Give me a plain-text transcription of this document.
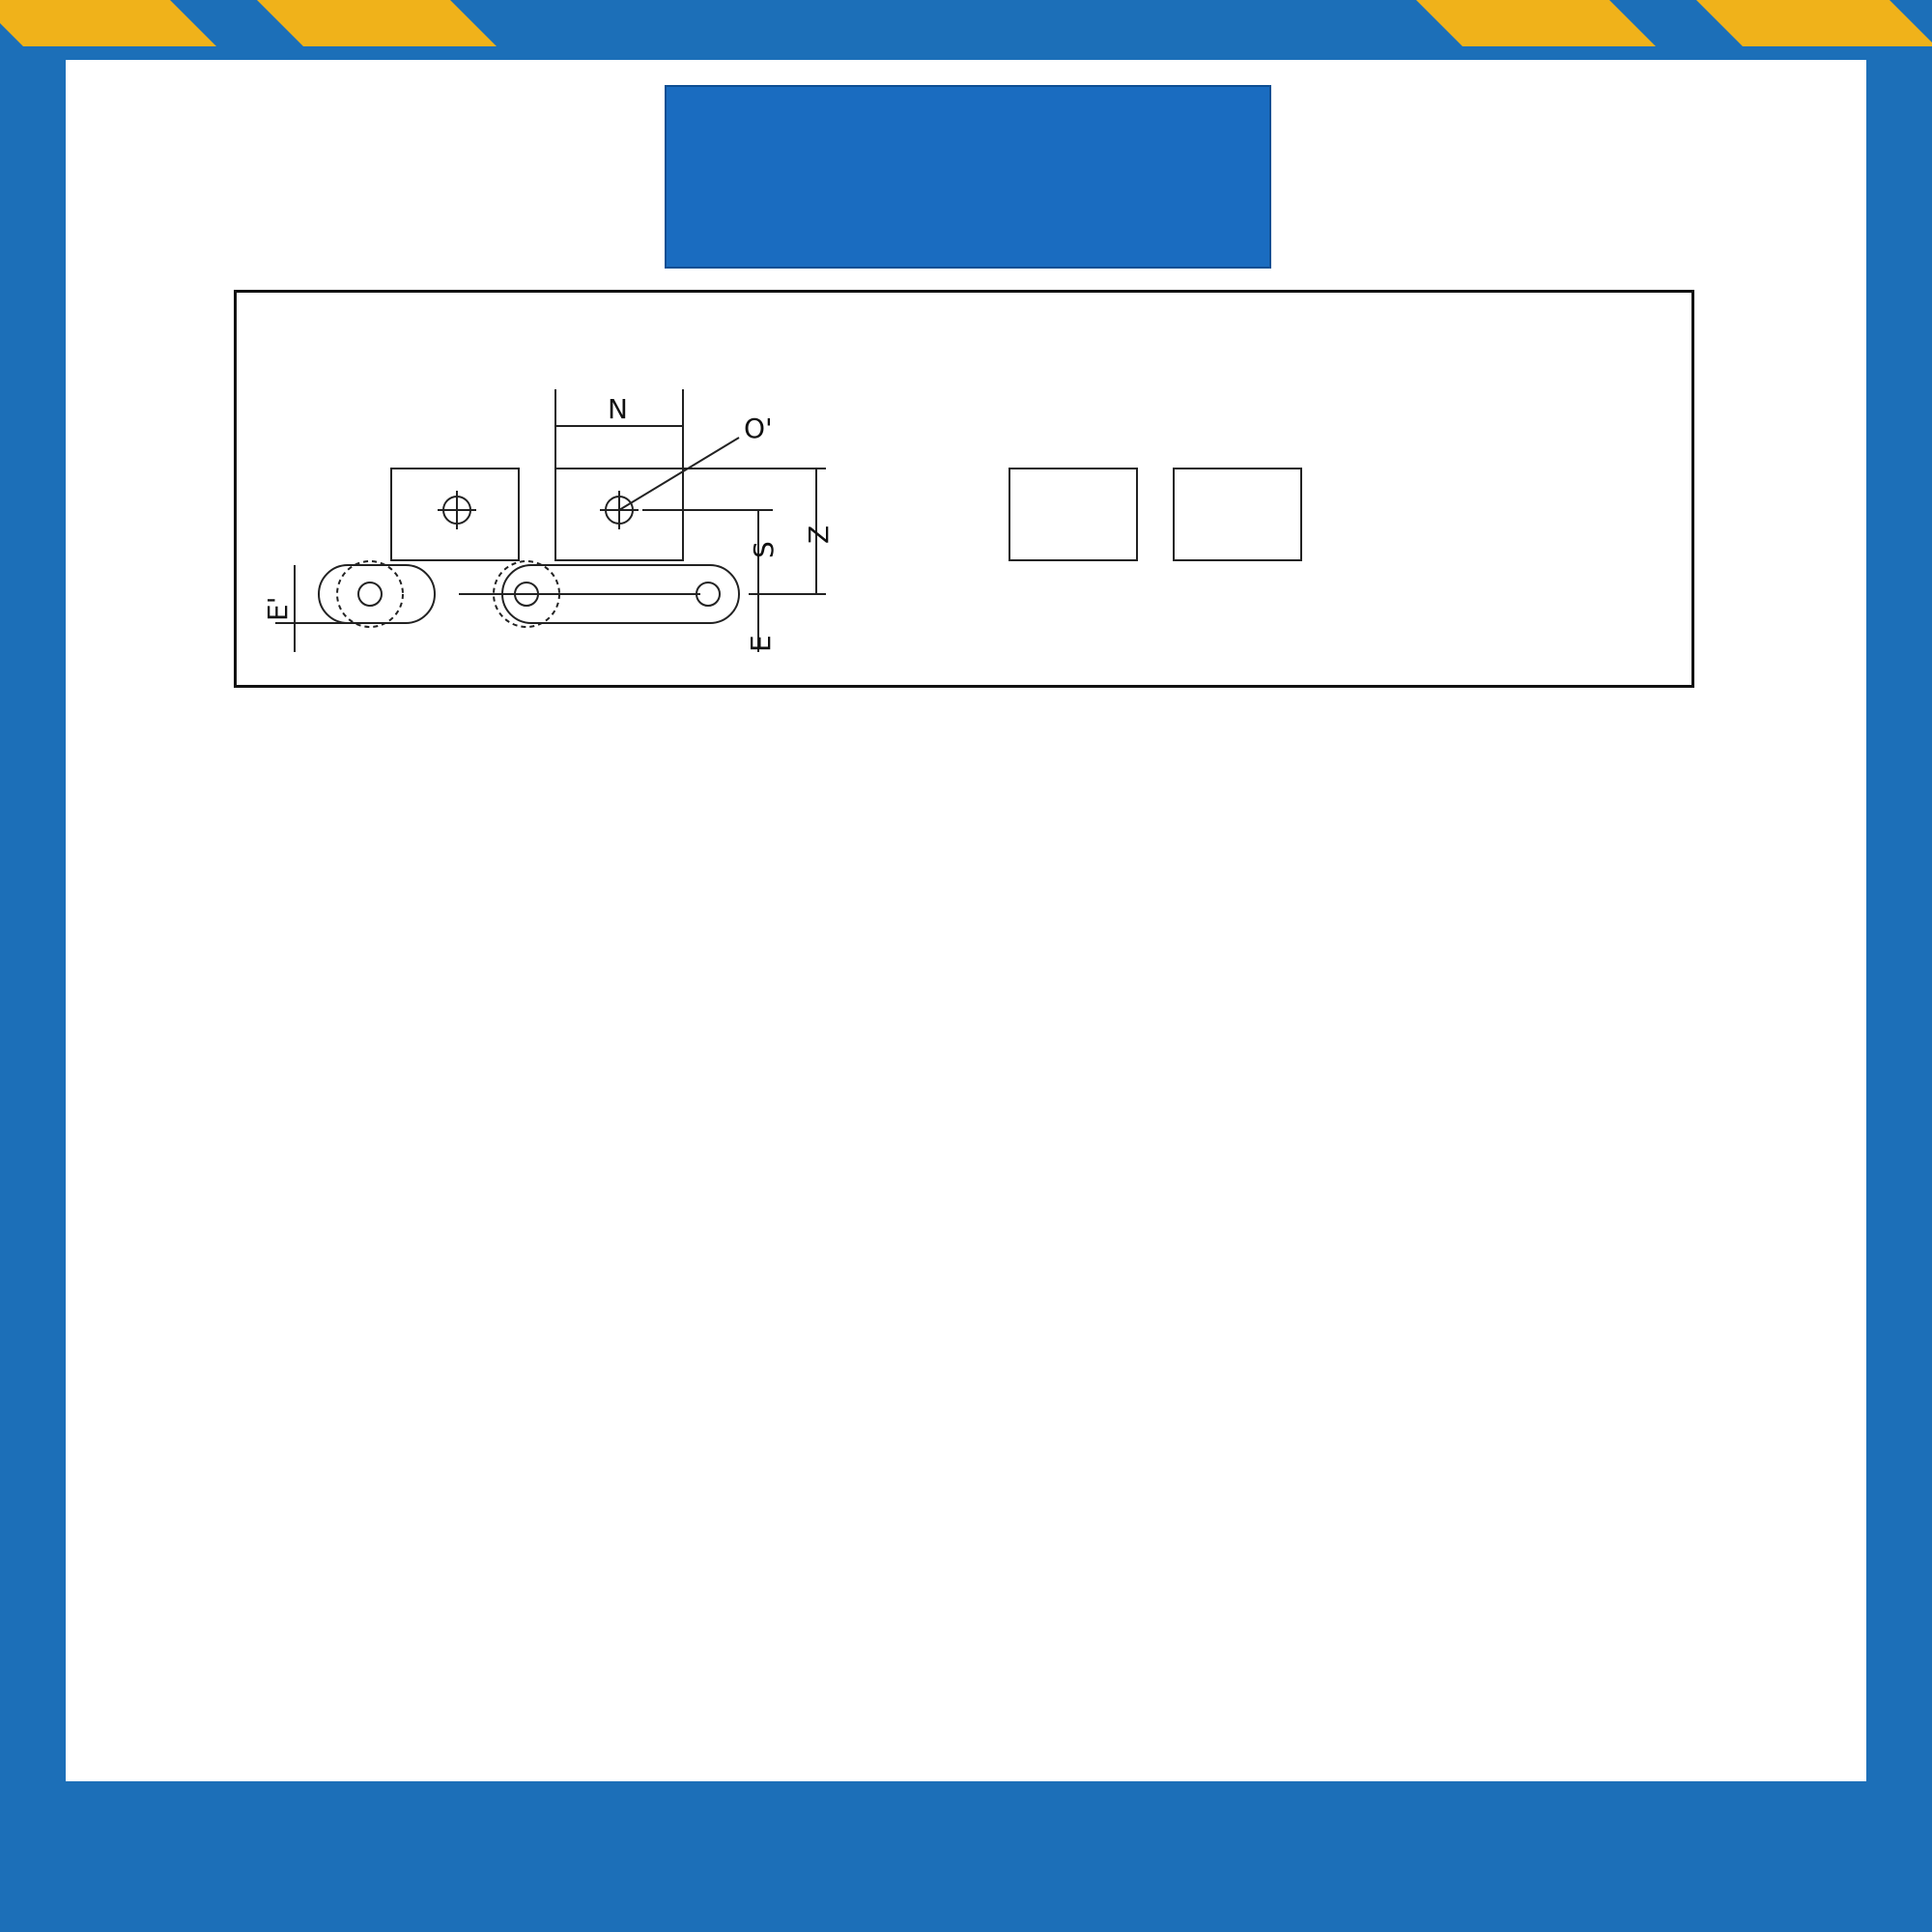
N
O'
S
Z
E'
E
